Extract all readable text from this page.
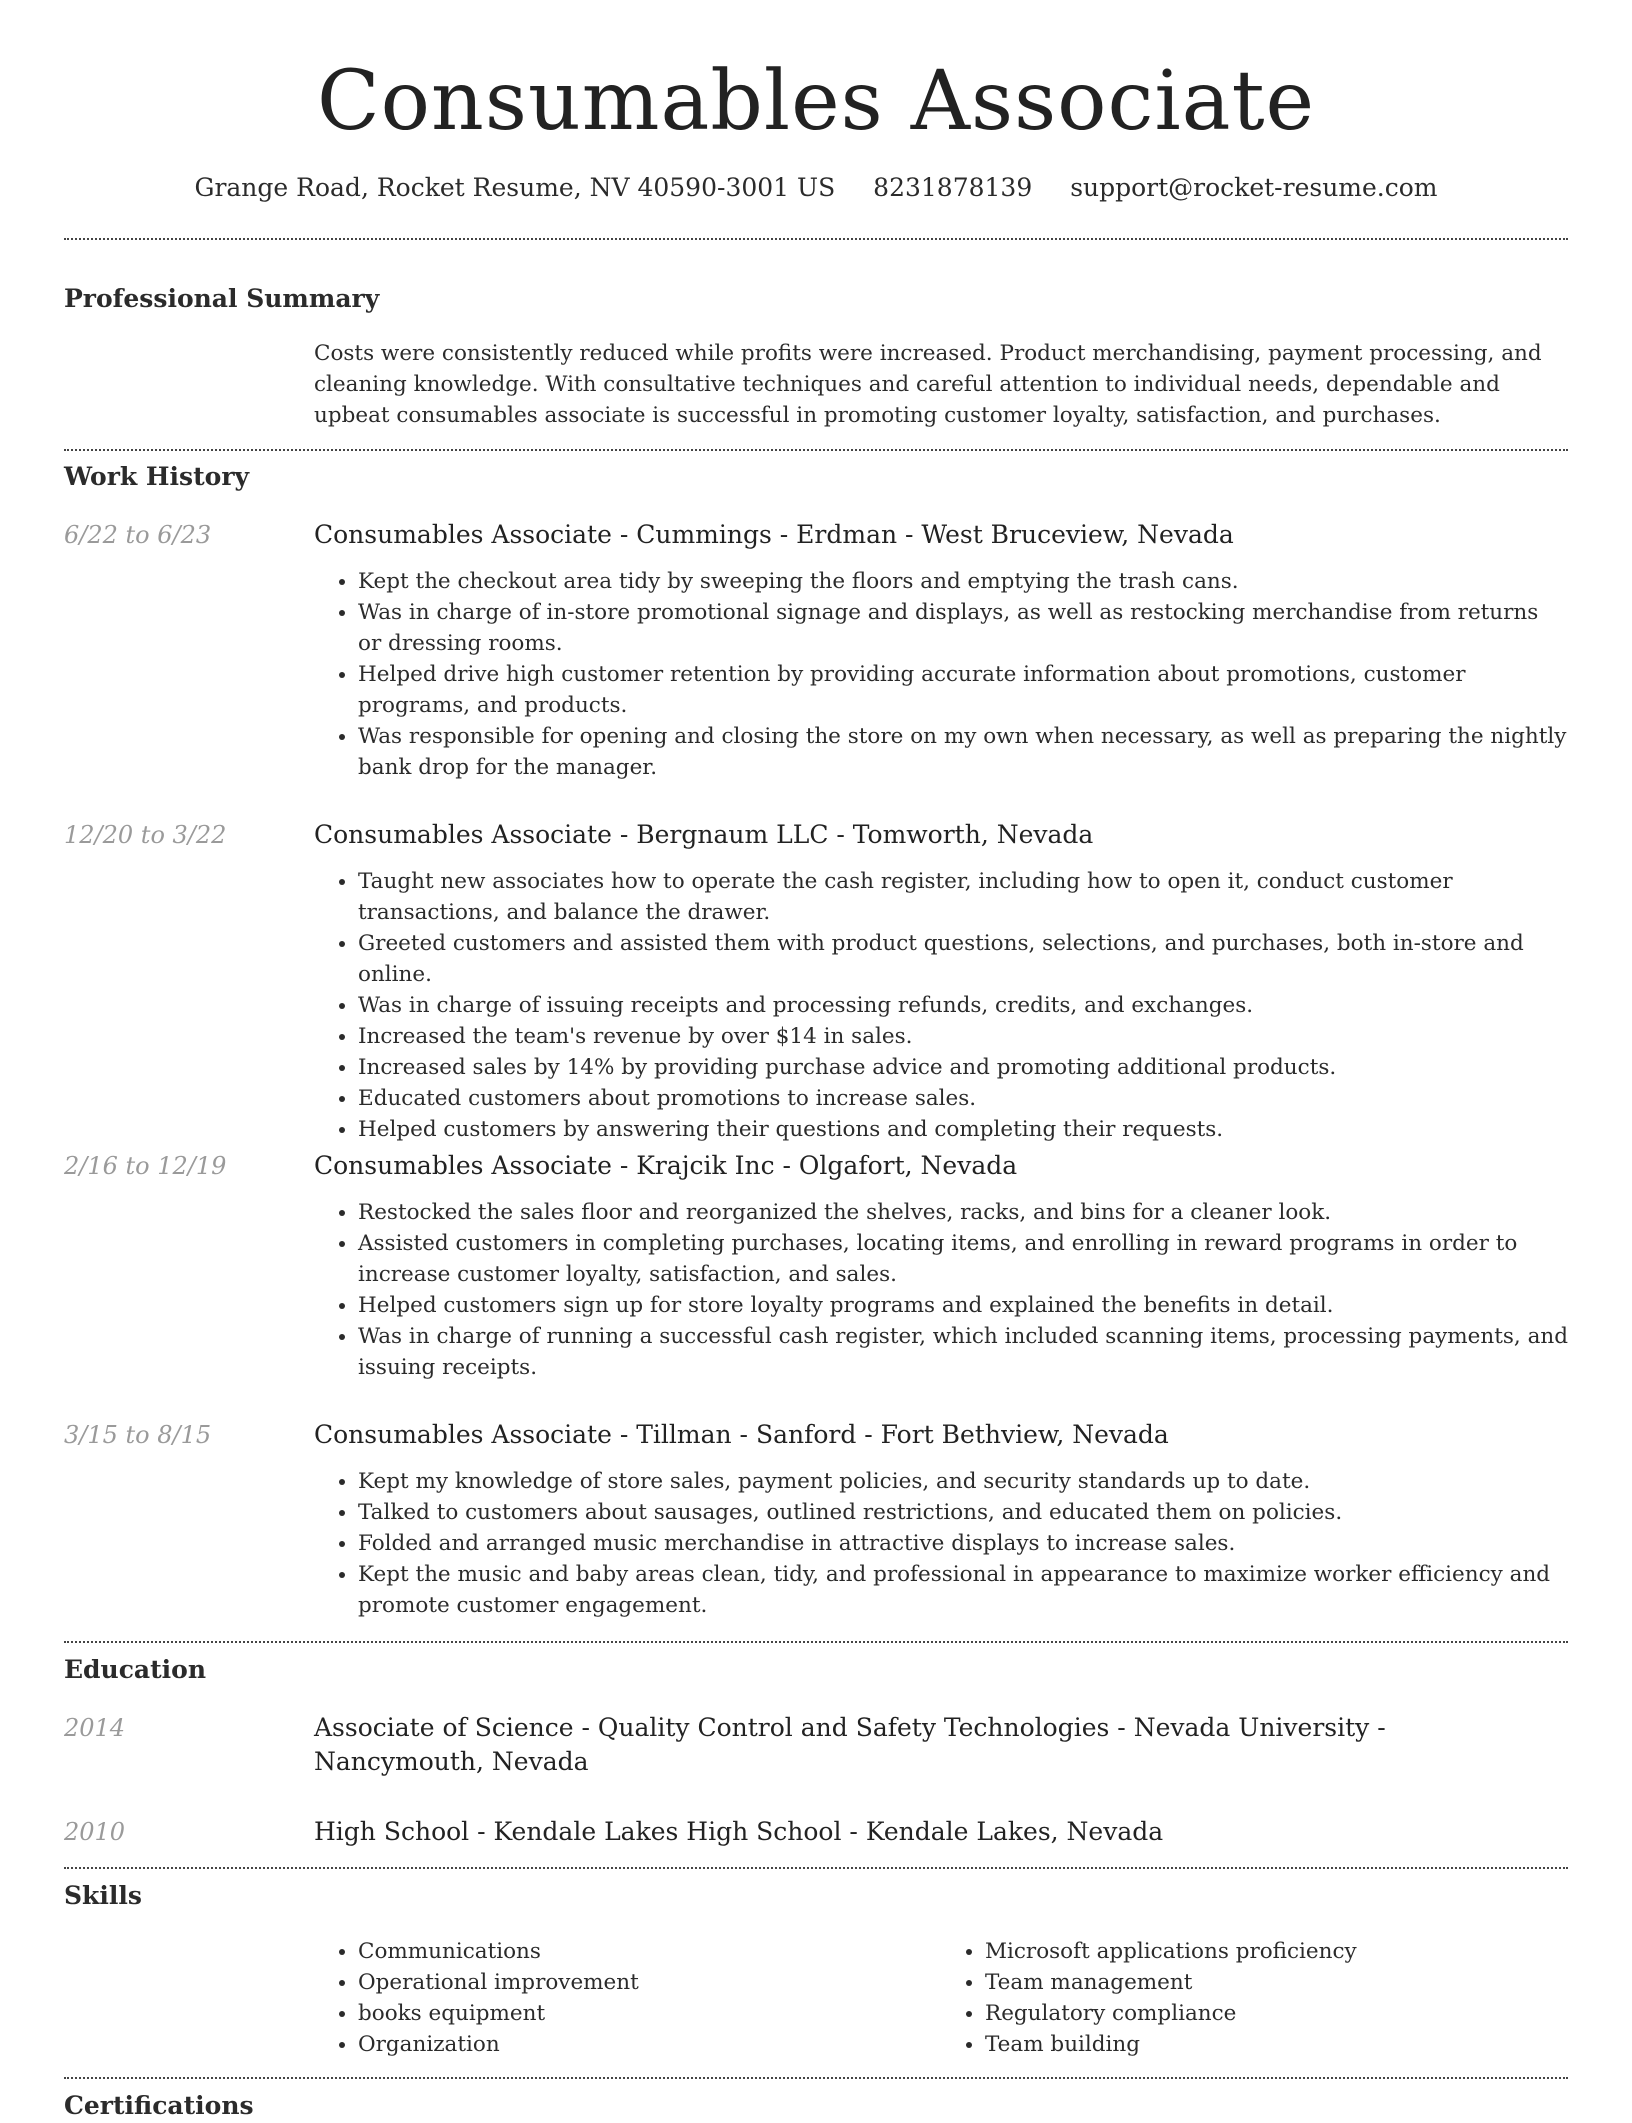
Consumables Associate
Grange Road, Rocket Resume, NV 40590-3001 US 8231878139 support@rocket-resume.com
Professional Summary

Costs were consistently reduced while profits were increased. Product merchandising, payment processing, and cleaning knowledge. With consultative techniques and careful attention to individual needs, dependable and upbeat consumables associate is successful in promoting customer loyalty, satisfaction, and purchases.

Work History
6/22 to 6/23	Consumables Associate - Cummings - Erdman - West Bruceview, Nevada
• Kept the checkout area tidy by sweeping the floors and emptying the trash cans.
• Was in charge of in-store promotional signage and displays, as well as restocking merchandise from returns or dressing rooms.
• Helped drive high customer retention by providing accurate information about promotions, customer programs, and products.
• Was responsible for opening and closing the store on my own when necessary, as well as preparing the nightly bank drop for the manager.
12/20 to 3/22	Consumables Associate - Bergnaum LLC - Tomworth, Nevada
• Taught new associates how to operate the cash register, including how to open it, conduct customer transactions, and balance the drawer.
• Greeted customers and assisted them with product questions, selections, and purchases, both in-store and online.
• Was in charge of issuing receipts and processing refunds, credits, and exchanges.
• Increased the team's revenue by over $14 in sales.
• Increased sales by 14% by providing purchase advice and promoting additional products.
• Educated customers about promotions to increase sales.
• Helped customers by answering their questions and completing their requests.
2/16 to 12/19	Consumables Associate - Krajcik Inc - Olgafort, Nevada
• Restocked the sales floor and reorganized the shelves, racks, and bins for a cleaner look.
• Assisted customers in completing purchases, locating items, and enrolling in reward programs in order to increase customer loyalty, satisfaction, and sales.
• Helped customers sign up for store loyalty programs and explained the benefits in detail.
• Was in charge of running a successful cash register, which included scanning items, processing payments, and issuing receipts.
3/15 to 8/15	Consumables Associate - Tillman - Sanford - Fort Bethview, Nevada
• Kept my knowledge of store sales, payment policies, and security standards up to date.
• Talked to customers about sausages, outlined restrictions, and educated them on policies.
• Folded and arranged music merchandise in attractive displays to increase sales.
• Kept the music and baby areas clean, tidy, and professional in appearance to maximize worker efficiency and promote customer engagement.
Education
2014	Associate of Science - Quality Control and Safety Technologies - Nevada University - Nancymouth, Nevada
2010	High School - Kendale Lakes High School - Kendale Lakes, Nevada
Skills
• Communications
• Operational improvement
• books equipment
• Organization
• Microsoft applications proficiency
• Team management
• Regulatory compliance
• Team building
Certifications
